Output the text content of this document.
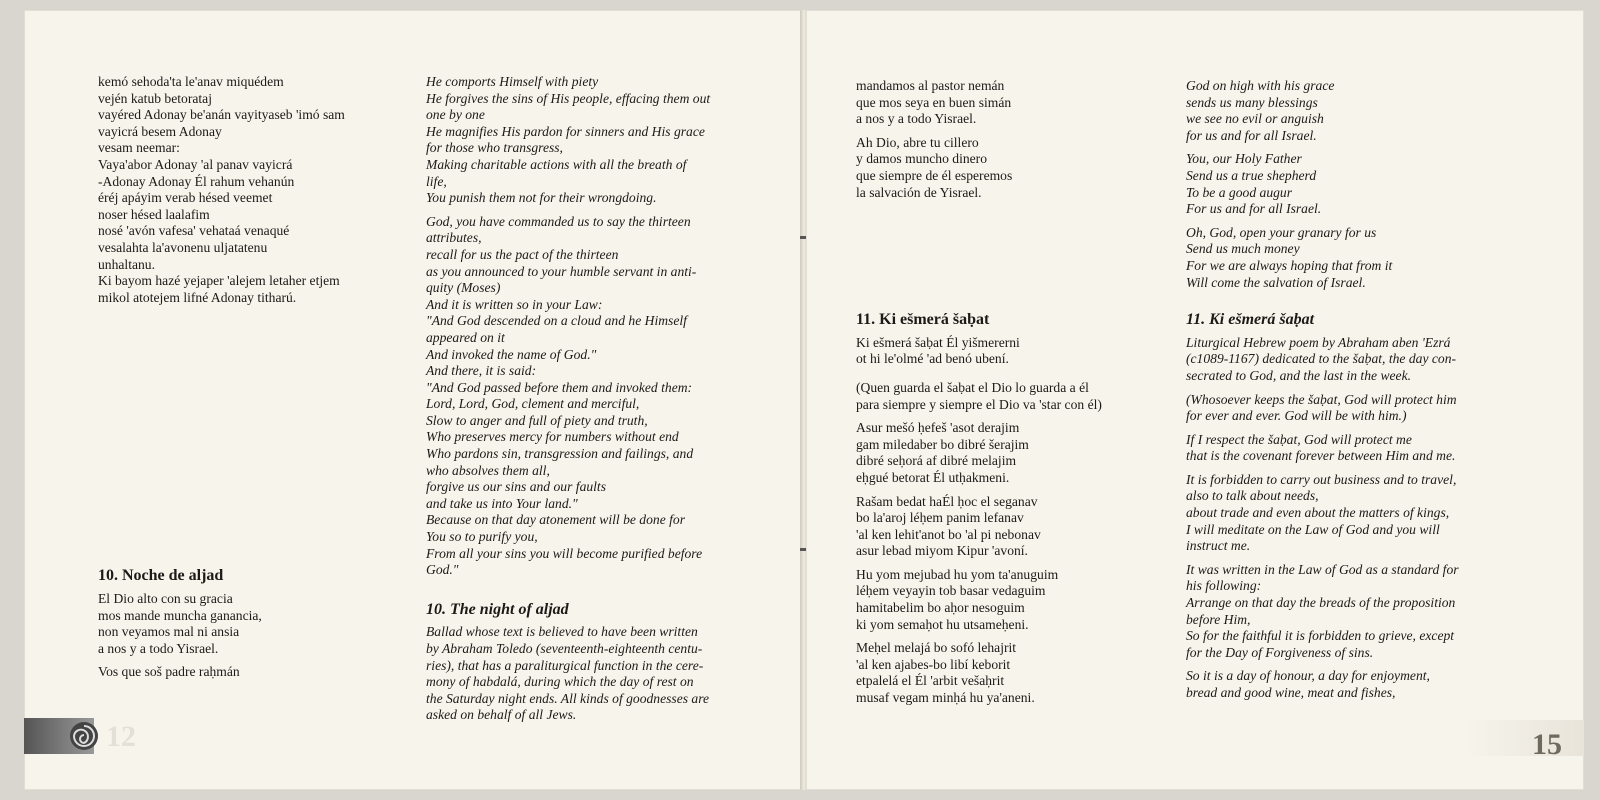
kemó sehoda'ta le'anav miquédem
vején katub betorataj
vayéred Adonay be'anán vayityaseb 'imó sam
vayicrá besem Adonay
vesam neemar:
Vaya'abor Adonay 'al panav vayicrá
-Adonay Adonay Él rahum vehanún
éréj apáyim verab hésed veemet
noser hésed laalafim
nosé 'avón vafesa' vehataá venaqué
vesalahta la'avonenu uljatatenu
unhaltanu.
Ki bayom hazé yejaper 'alejem letaher etjem
mikol atotejem lifné Adonay titharú.
10. Noche de aljad

El Dio alto con su gracia
mos mande muncha ganancia,
non veyamos mal ni ansia
a nos y a todo Yisrael.

Vos que soš padre raḥmán

He comports Himself with piety
He forgives the sins of His people, effacing them out
one by one
He magnifies His pardon for sinners and His grace
for those who transgress,
Making charitable actions with all the breath of
life,
You punish them not for their wrongdoing.

God, you have commanded us to say the thirteen
attributes,
recall for us the pact of the thirteen
as you announced to your humble servant in anti-
quity (Moses)
And it is written so in your Law:
"And God descended on a cloud and he Himself
appeared on it
And invoked the name of God."
And there, it is said:
"And God passed before them and invoked them:
Lord, Lord, God, clement and merciful,
Slow to anger and full of piety and truth,
Who preserves mercy for numbers without end
Who pardons sin, transgression and failings, and
who absolves them all,
forgive us our sins and our faults
and take us into Your land."
Because on that day atonement will be done for
You so to purify you,
From all your sins you will become purified before
God."

10. The night of aljad

Ballad whose text is believed to have been written
by Abraham Toledo (seventeenth-eighteenth centu-
ries), that has a paraliturgical function in the cere-
mony of habdalá, during which the day of rest on
the Saturday night ends. All kinds of goodnesses are
asked on behalf of all Jews.

12

mandamos al pastor nemán
que mos seya en buen simán
a nos y a todo Yisrael.

Ah Dio, abre tu cillero
y damos muncho dinero
que siempre de él esperemos
la salvación de Yisrael.

11. Ki ešmerá šaḅat

Ki ešmerá šaḅat Él yišmererni
ot hi le'olmé 'ad benó ubení.

(Quen guarda el šaḅat el Dio lo guarda a él
para siempre y siempre el Dio va 'star con él)

Asur mešó ḥefeš 'asot derajim
gam miledaber bo dibré šerajim
dibré seḥorá af dibré melajim
eḥgué betorat Él utḥakmeni.

Rašam bedat haÉl ḥoc el seganav
bo la'aroj léḥem panim lefanav
'al ken lehit'anot bo 'al pi nebonav
asur lebad miyom Kipur 'avoní.

Hu yom mejubad hu yom ta'anuguim
léḥem veyayin tob basar vedaguim
hamitabelim bo aḥor nesoguim
ki yom semaḥot hu utsameḥeni.

Meḥel melajá bo sofó lehajrit
'al ken ajabes-bo libí keborit
etpalelá el Él 'arbit vešaḥrit
musaf vegam minḥá hu ya'aneni.

God on high with his grace
sends us many blessings
we see no evil or anguish
for us and for all Israel.

You, our Holy Father
Send us a true shepherd
To be a good augur
For us and for all Israel.

Oh, God, open your granary for us
Send us much money
For we are always hoping that from it
Will come the salvation of Israel.

11. Ki ešmerá šaḅat

Liturgical Hebrew poem by Abraham aben 'Ezrá
(c1089-1167) dedicated to the šaḅat, the day con-
secrated to God, and the last in the week.

(Whosoever keeps the šaḅat, God will protect him
for ever and ever. God will be with him.)

If I respect the šaḅat, God will protect me
that is the covenant forever between Him and me.

It is forbidden to carry out business and to travel,
also to talk about needs,
about trade and even about the matters of kings,
I will meditate on the Law of God and you will
instruct me.

It was written in the Law of God as a standard for
his following:
Arrange on that day the breads of the proposition
before Him,
So for the faithful it is forbidden to grieve, except
for the Day of Forgiveness of sins.

So it is a day of honour, a day for enjoyment,
bread and good wine, meat and fishes,

15
